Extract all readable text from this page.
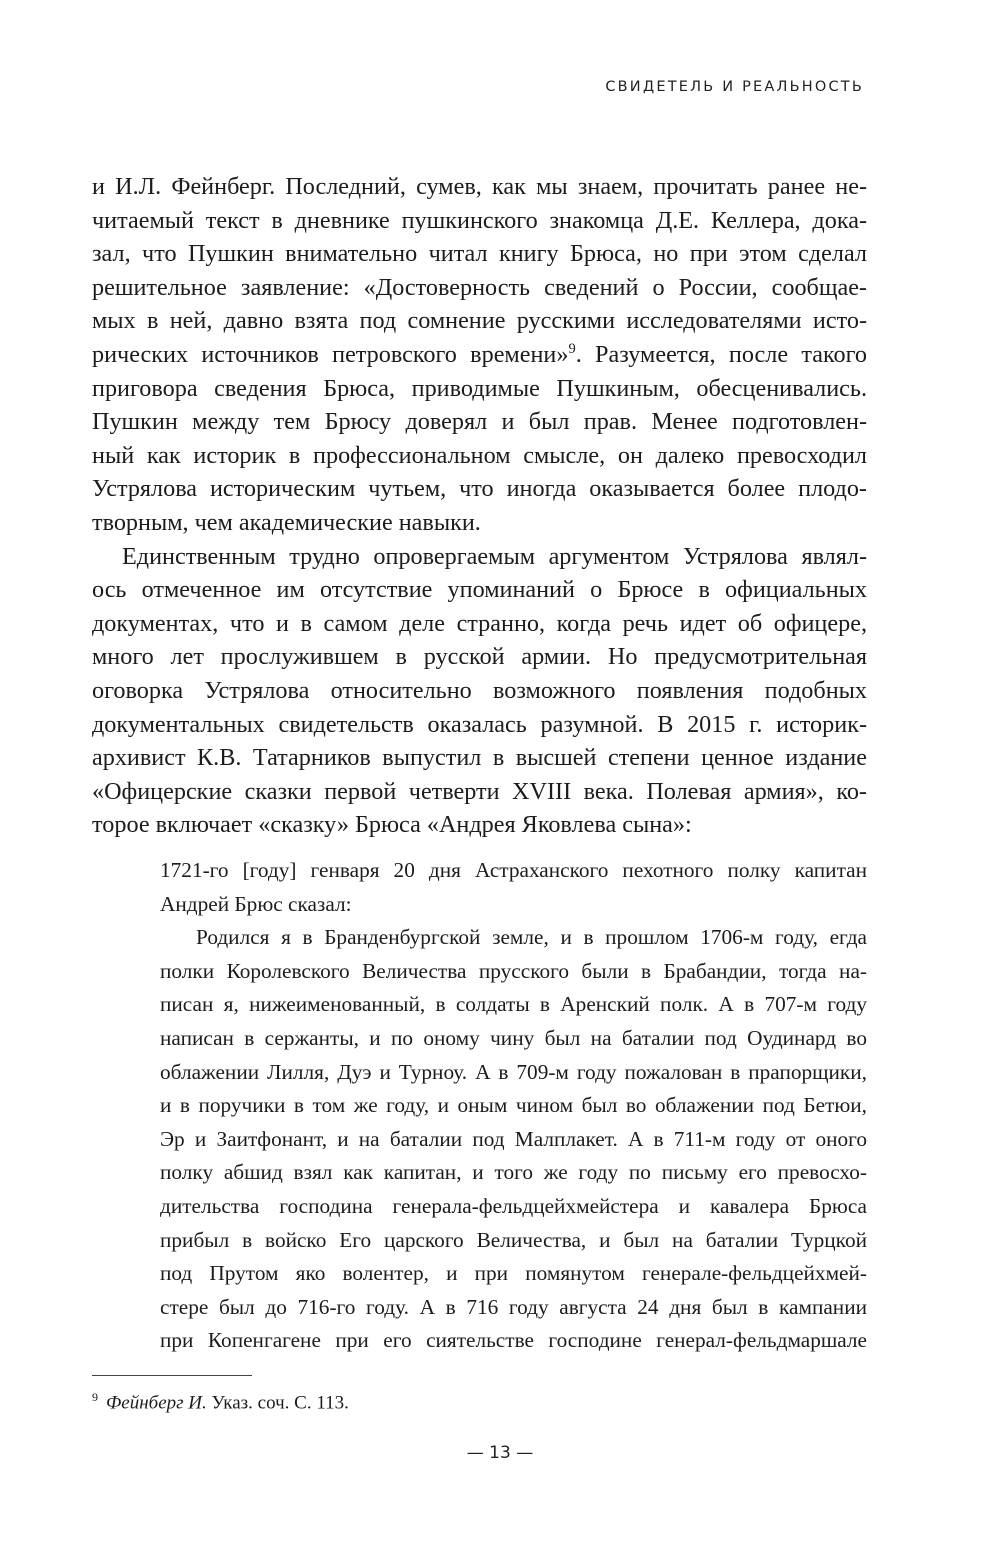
СВИДЕТЕЛЬ И РЕАЛЬНОСТЬ
и И.Л. Фейнберг. Последний, сумев, как мы знаем, прочитать ранее не-
читаемый текст в дневнике пушкинского знакомца Д.Е. Келлера, дока-
зал, что Пушкин внимательно читал книгу Брюса, но при этом сделал
решительное заявление: «Достоверность сведений о России, сообщае-
мых в ней, давно взята под сомнение русскими исследователями исто-
рических источников петровского времени»$^9$. Разумеется, после такого
приговора сведения Брюса, приводимые Пушкиным, обесценивались.
Пушкин между тем Брюсу доверял и был прав. Менее подготовлен-
ный как историк в профессиональном смысле, он далеко превосходил
Устрялова историческим чутьем, что иногда оказывается более плодо-
творным, чем академические навыки.
Единственным трудно опровергаемым аргументом Устрялова являл-
ось отмеченное им отсутствие упоминаний о Брюсе в официальных
документах, что и в самом деле странно, когда речь идет об офицере,
много лет прослужившем в русской армии. Но предусмотрительная
оговорка Устрялова относительно возможного появления подобных
документальных свидетельств оказалась разумной. В 2015 г. историк-
архивист К.В. Татарников выпустил в высшей степени ценное издание
«Офицерские сказки первой четверти XVIII века. Полевая армия», ко-
торое включает «сказку» Брюса «Андрея Яковлева сына»:
1721-го [году] генваря 20 дня Астраханского пехотного полку капитан
Андрей Брюс сказал:
Родился я в Бранденбургской земле, и в прошлом 1706-м году, егда
полки Королевского Величества прусского были в Брабандии, тогда на-
писан я, нижеименованный, в солдаты в Аренский полк. А в 707-м году
написан в сержанты, и по оному чину был на баталии под Оудинард во
облажении Лилля, Дуэ и Турноу. А в 709-м году пожалован в прапорщики,
и в поручики в том же году, и оным чином был во облажении под Бетюи,
Эр и Заитфонант, и на баталии под Малплакет. А в 711-м году от оного
полку абшид взял как капитан, и того же году по письму его превосхо-
дительства господина генерала-фельдцейхмейстера и кавалера Брюса
прибыл в войско Его царского Величества, и был на баталии Турцкой
под Прутом яко волентер, и при помянутом генерале-фельдцейхмей-
стере был до 716-го году. А в 716 году августа 24 дня был в кампании
при Копенгагене при его сиятельстве господине генерал-фельдмаршале
$^9$ Фейнберг И. Указ. соч. С. 113.
— 13 —
